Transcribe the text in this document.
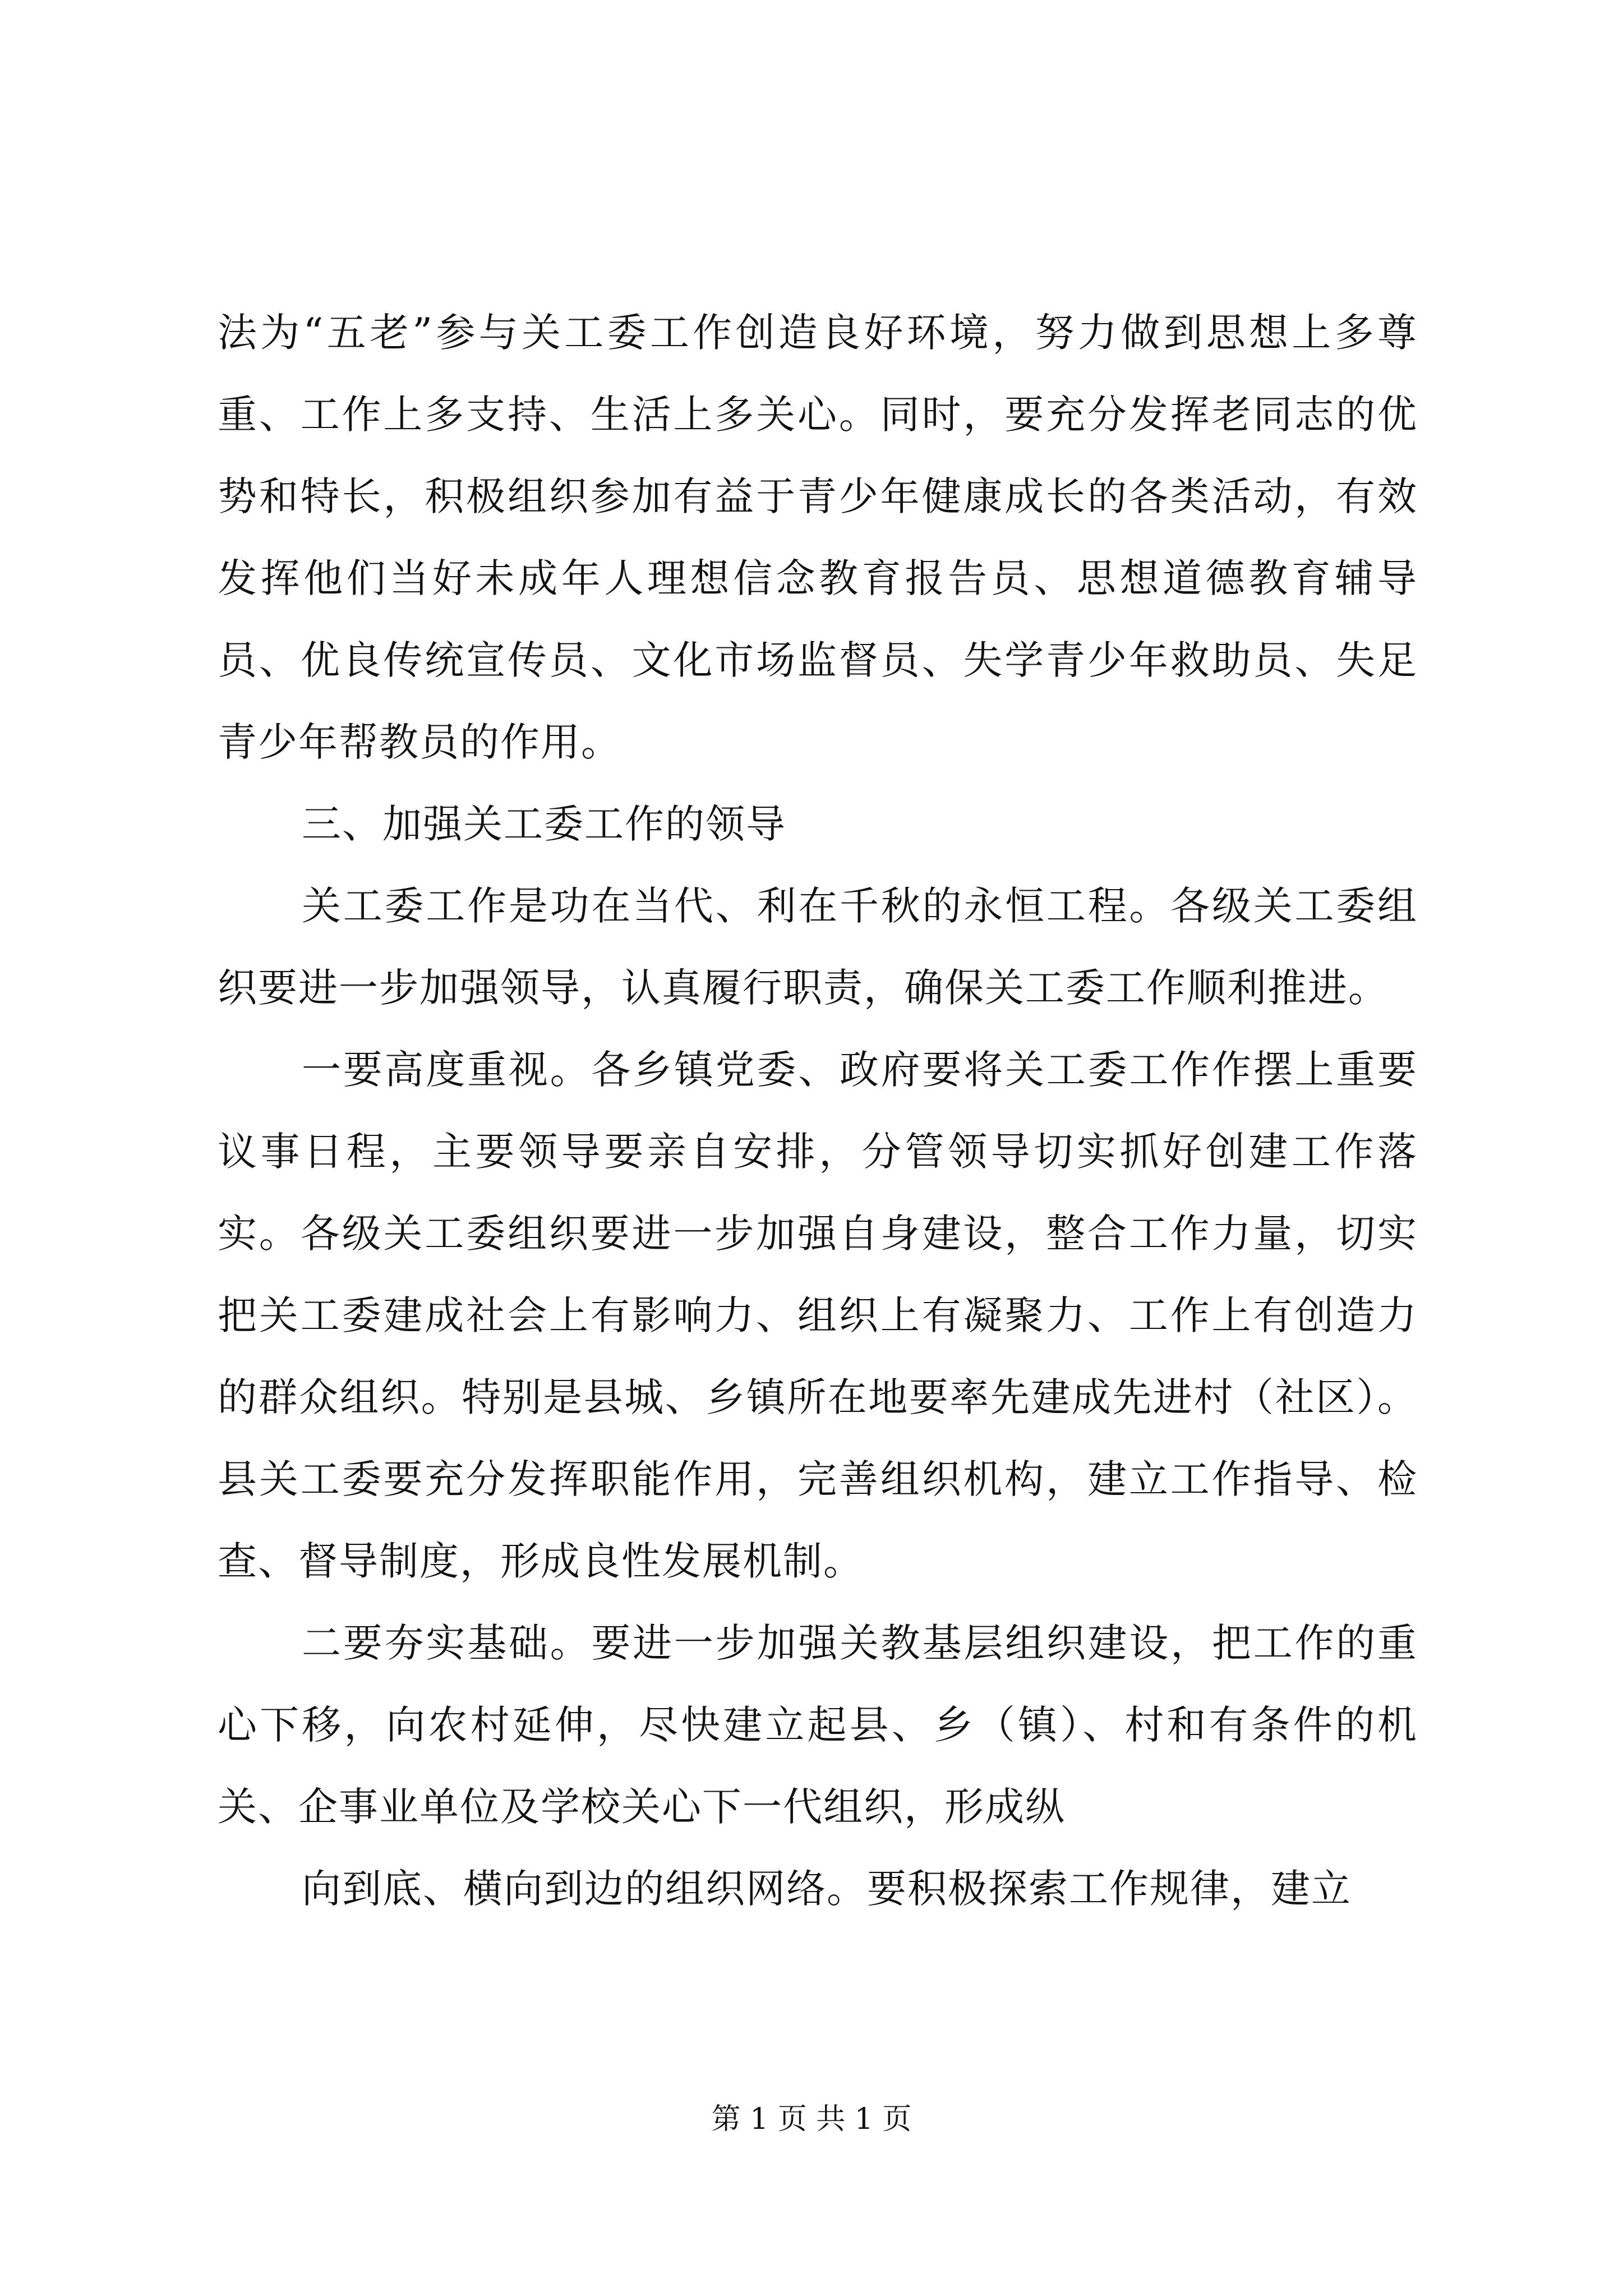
法为“五老”参与关工委工作创造良好环境，努力做到思想上多尊重、工作上多支持、生活上多关心。同时，要充分发挥老同志的优势和特长，积极组织参加有益于青少年健康成长的各类活动，有效发挥他们当好未成年人理想信念教育报告员、思想道德教育辅导员、优良传统宣传员、文化市场监督员、失学青少年救助员、失足青少年帮教员的作用。

三、加强关工委工作的领导

关工委工作是功在当代、利在千秋的永恒工程。各级关工委组织要进一步加强领导，认真履行职责，确保关工委工作顺利推进。

一要高度重视。各乡镇党委、政府要将关工委工作作摆上重要议事日程，主要领导要亲自安排，分管领导切实抓好创建工作落实。各级关工委组织要进一步加强自身建设，整合工作力量，切实把关工委建成社会上有影响力、组织上有凝聚力、工作上有创造力的群众组织。特别是县城、乡镇所在地要率先建成先进村（社区）。县关工委要充分发挥职能作用，完善组织机构，建立工作指导、检查、督导制度，形成良性发展机制。

二要夯实基础。要进一步加强关教基层组织建设，把工作的重心下移，向农村延伸，尽快建立起县、乡（镇）、村和有条件的机关、企事业单位及学校关心下一代组织，形成纵

向到底、横向到边的组织网络。要积极探索工作规律，建立

第 1 页 共 1 页
